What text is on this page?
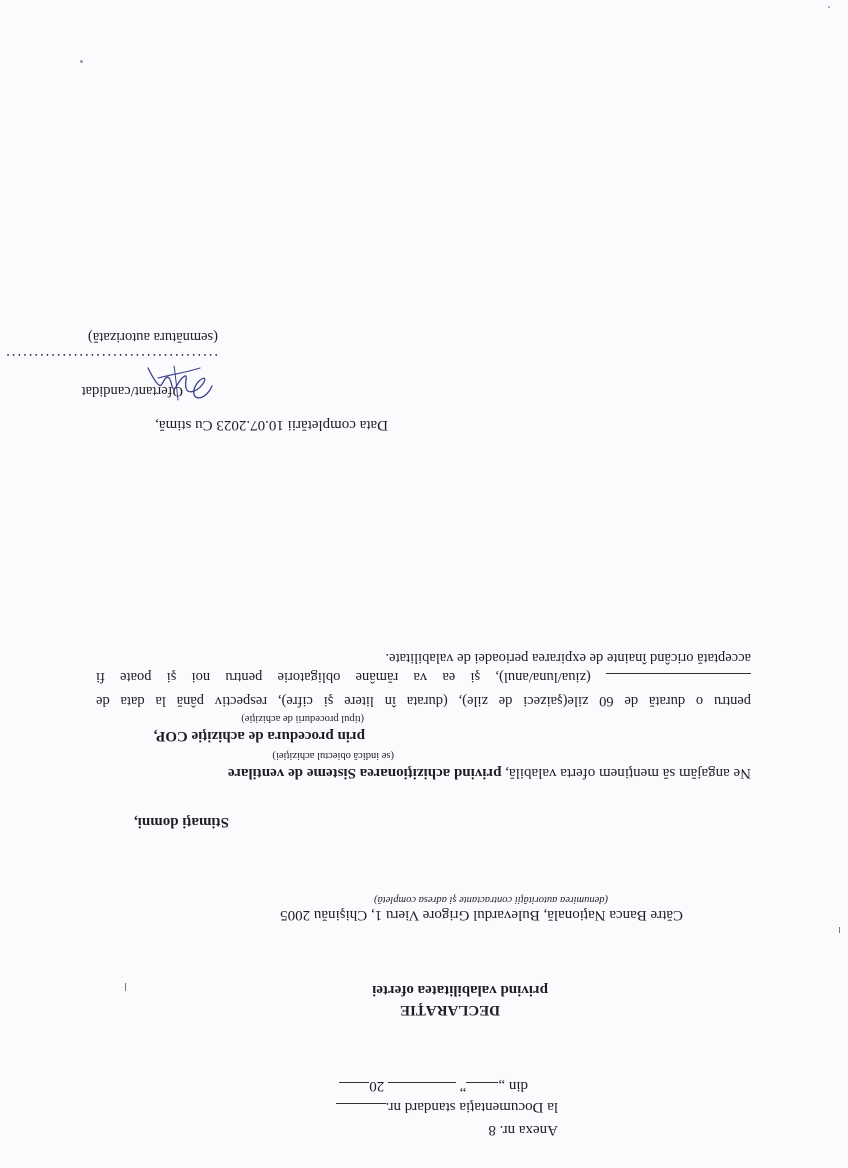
Anexa nr. 8
la Documentaţia standard nr.
din „”  20
DECLARAŢIE
privind valabilitatea ofertei
Către Banca Naţională, Bulevardul Grigore Vieru 1, Chişinău 2005
(denumirea autorităţii contractante şi adresa completă)
Stimaţi domni,
Ne angajăm să menţinem oferta valabilă, privind achiziţionarea Sisteme de ventilare
(se indică obiectul achiziţiei)
prin procedura de achiziţie COP,
(tipul procedurii de achiziţie)
pentru o durată de 60 zile(şaizeci de zile), (durata în litere şi cifre), respectiv până la data de
(ziua/luna/anul), şi ea va rămâne obligatorie pentru noi şi poate fi
acceptată oricând înainte de expirarea perioadei de valabilitate.
Data completării 10.07.2023 Cu stimă,
Ofertant/candidat
......................................
(semnătura autorizată)
